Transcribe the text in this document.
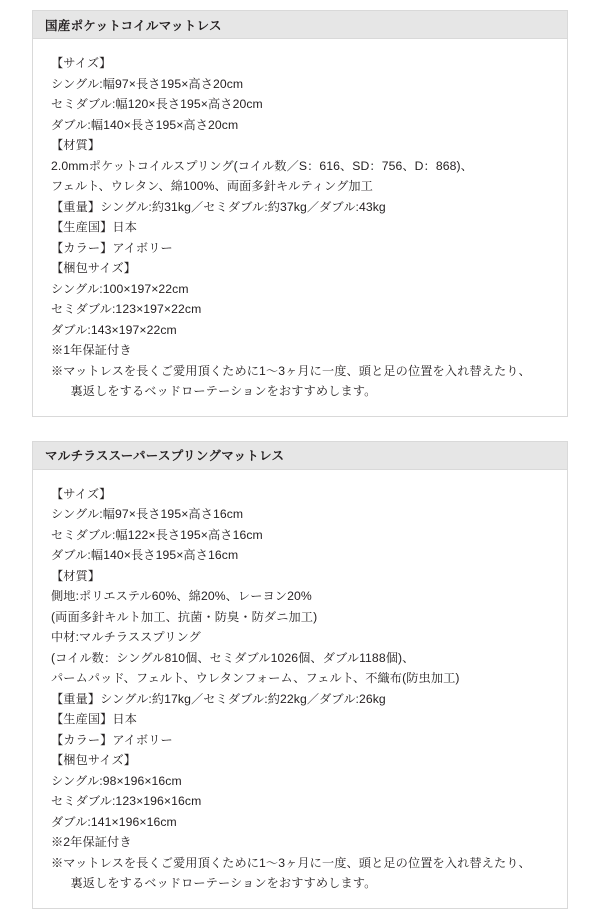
国産ポケットコイルマットレス
【サイズ】
シングル:幅97×長さ195×高さ20cm
セミダブル:幅120×長さ195×高さ20cm
ダブル:幅140×長さ195×高さ20cm
【材質】
2.0mmポケットコイルスプリング(コイル数／S：616、SD：756、D：868)、
フェルト、ウレタン、綿100%、両面多針キルティング加工
【重量】シングル:約31kg／セミダブル:約37kg／ダブル:43kg
【生産国】日本
【カラー】アイボリー
【梱包サイズ】
シングル:100×197×22cm
セミダブル:123×197×22cm
ダブル:143×197×22cm
※1年保証付き
※マットレスを長くご愛用頂くために1〜3ヶ月に一度、頭と足の位置を入れ替えたり、
裏返しをするベッドローテーションをおすすめします。
マルチラススーパースプリングマットレス
【サイズ】
シングル:幅97×長さ195×高さ16cm
セミダブル:幅122×長さ195×高さ16cm
ダブル:幅140×長さ195×高さ16cm
【材質】
側地:ポリエステル60%、綿20%、レーヨン20%
(両面多針キルト加工、抗菌・防臭・防ダニ加工)
中材:マルチラススプリング
(コイル数：シングル810個、セミダブル1026個、ダブル1188個)、
パームパッド、フェルト、ウレタンフォーム、フェルト、不織布(防虫加工)
【重量】シングル:約17kg／セミダブル:約22kg／ダブル:26kg
【生産国】日本
【カラー】アイボリー
【梱包サイズ】
シングル:98×196×16cm
セミダブル:123×196×16cm
ダブル:141×196×16cm
※2年保証付き
※マットレスを長くご愛用頂くために1〜3ヶ月に一度、頭と足の位置を入れ替えたり、
裏返しをするベッドローテーションをおすすめします。
